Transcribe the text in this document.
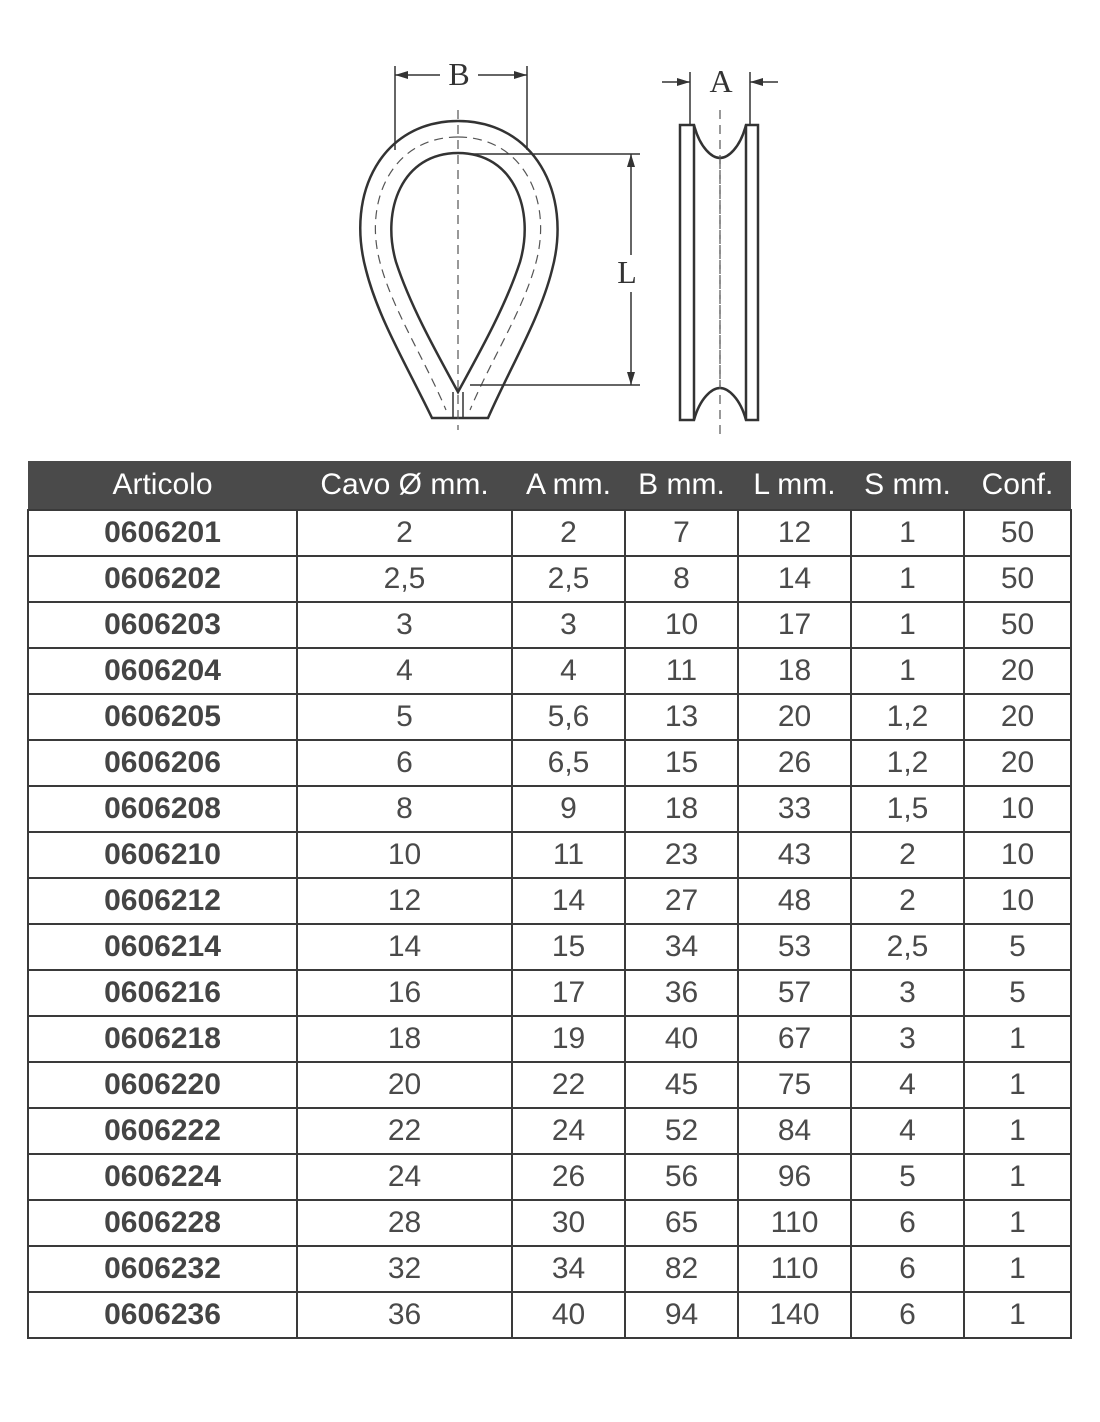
B	A
L
Articolo	Cavo Ø mm.	A mm.	B mm.	L mm.	S mm.	Conf.
0606201	2	2	7	12	1	50
0606202	2,5	2,5	8	14	1	50
0606203	3	3	10	17	1	50
0606204	4	4	11	18	1	20
0606205	5	5,6	13	20	1,2	20
0606206	6	6,5	15	26	1,2	20
0606208	8	9	18	33	1,5	10
0606210	10	11	23	43	2	10
0606212	12	14	27	48	2	10
0606214	14	15	34	53	2,5	5
0606216	16	17	36	57	3	5
0606218	18	19	40	67	3	1
0606220	20	22	45	75	4	1
0606222	22	24	52	84	4	1
0606224	24	26	56	96	5	1
0606228	28	30	65	110	6	1
0606232	32	34	82	110	6	1
0606236	36	40	94	140	6	1
